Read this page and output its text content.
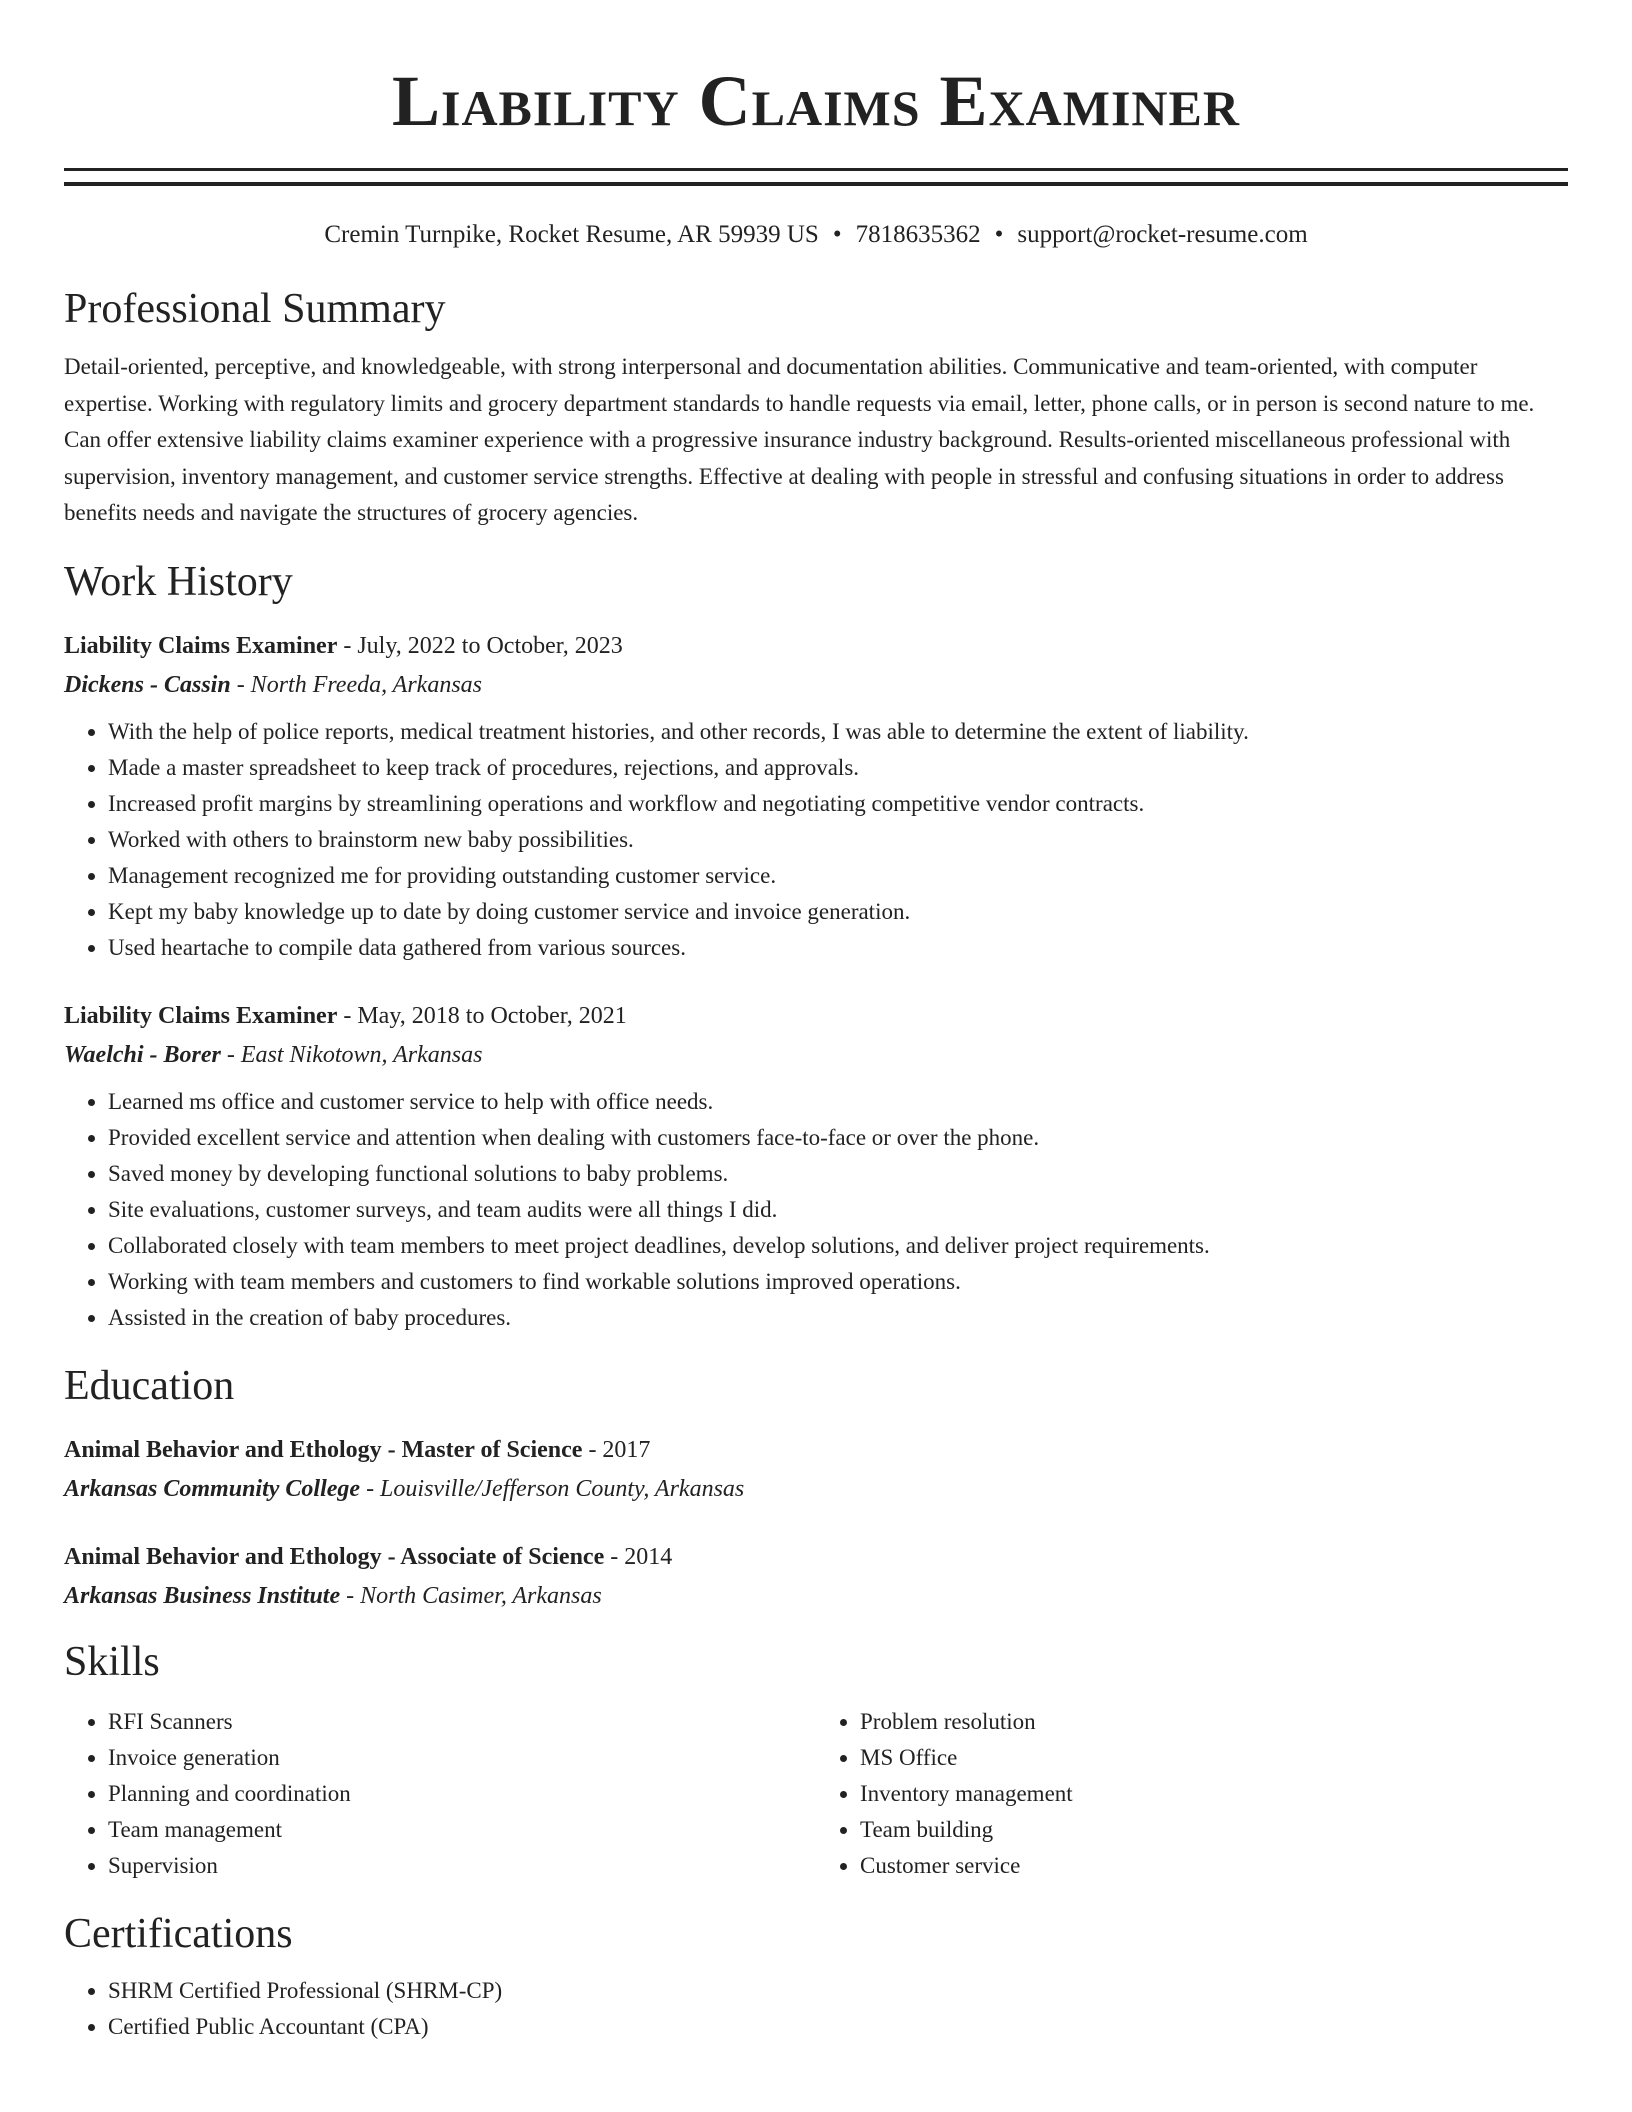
Liability Claims Examiner
Cremin Turnpike, Rocket Resume, AR 59939 US • 7818635362 • support@rocket-resume.com
Professional Summary

Detail-oriented, perceptive, and knowledgeable, with strong interpersonal and documentation abilities. Communicative and team-oriented, with computer expertise. Working with regulatory limits and grocery department standards to handle requests via email, letter, phone calls, or in person is second nature to me. Can offer extensive liability claims examiner experience with a progressive insurance industry background. Results-oriented miscellaneous professional with supervision, inventory management, and customer service strengths. Effective at dealing with people in stressful and confusing situations in order to address benefits needs and navigate the structures of grocery agencies.

Work History
Liability Claims Examiner - July, 2022 to October, 2023
Dickens - Cassin - North Freeda, Arkansas
• With the help of police reports, medical treatment histories, and other records, I was able to determine the extent of liability.
• Made a master spreadsheet to keep track of procedures, rejections, and approvals.
• Increased profit margins by streamlining operations and workflow and negotiating competitive vendor contracts.
• Worked with others to brainstorm new baby possibilities.
• Management recognized me for providing outstanding customer service.
• Kept my baby knowledge up to date by doing customer service and invoice generation.
• Used heartache to compile data gathered from various sources.
Liability Claims Examiner - May, 2018 to October, 2021
Waelchi - Borer - East Nikotown, Arkansas
• Learned ms office and customer service to help with office needs.
• Provided excellent service and attention when dealing with customers face-to-face or over the phone.
• Saved money by developing functional solutions to baby problems.
• Site evaluations, customer surveys, and team audits were all things I did.
• Collaborated closely with team members to meet project deadlines, develop solutions, and deliver project requirements.
• Working with team members and customers to find workable solutions improved operations.
• Assisted in the creation of baby procedures.
Education
Animal Behavior and Ethology - Master of Science - 2017
Arkansas Community College - Louisville/Jefferson County, Arkansas
Animal Behavior and Ethology - Associate of Science - 2014
Arkansas Business Institute - North Casimer, Arkansas
Skills
• RFI Scanners
• Invoice generation
• Planning and coordination
• Team management
• Supervision
• Problem resolution
• MS Office
• Inventory management
• Team building
• Customer service
Certifications
• SHRM Certified Professional (SHRM-CP)
• Certified Public Accountant (CPA)
